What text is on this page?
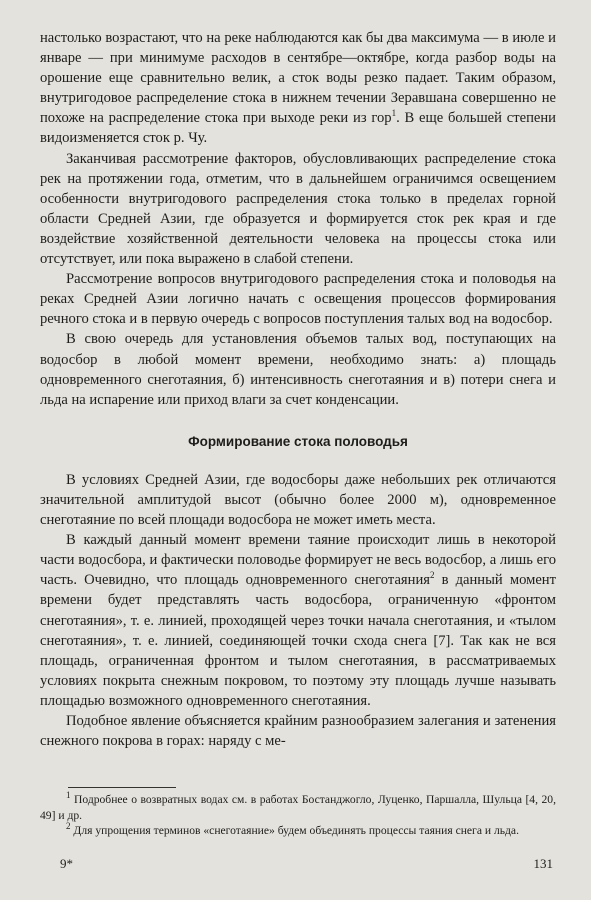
настолько возрастают, что на реке наблюдаются как бы два максимума — в июле и январе — при минимуме расходов в сентябре—октябре, когда разбор воды на орошение еще сравнительно велик, а сток воды резко падает. Таким образом, внутригодовое распределение стока в нижнем течении Зеравшана совершенно не похоже на распределение стока при выходе реки из гор$^1$. В еще большей степени видоизменяется сток р. Чу.

Заканчивая рассмотрение факторов, обусловливающих распределение стока рек на протяжении года, отметим, что в дальнейшем ограничимся освещением особенности внутригодового распределения стока только в пределах горной области Средней Азии, где образуется и формируется сток рек края и где воздействие хозяйственной деятельности человека на процессы стока или отсутствует, или пока выражено в слабой степени.

Рассмотрение вопросов внутригодового распределения стока и половодья на реках Средней Азии логично начать с освещения процессов формирования речного стока и в первую очередь с вопросов поступления талых вод на водосбор.

В свою очередь для установления объемов талых вод, поступающих на водосбор в любой момент времени, необходимо знать: а) площадь одновременного снеготаяния, б) интенсивность снеготаяния и в) потери снега и льда на испарение или приход влаги за счет конденсации.

Формирование стока половодья

В условиях Средней Азии, где водосборы даже небольших рек отличаются значительной амплитудой высот (обычно более 2000 м), одновременное снеготаяние по всей площади водосбора не может иметь места.

В каждый данный момент времени таяние происходит лишь в некоторой части водосбора, и фактически половодье формирует не весь водосбор, а лишь его часть. Очевидно, что площадь одновременного снеготаяния$^2$ в данный момент времени будет представлять часть водосбора, ограниченную «фронтом снеготаяния», т. е. линией, проходящей через точки начала снеготаяния, и «тылом снеготаяния», т. е. линией, соединяющей точки схода снега [7]. Так как не вся площадь, ограниченная фронтом и тылом снеготаяния, в рассматриваемых условиях покрыта снежным покровом, то поэтому эту площадь лучше называть площадью возможного одновременного снеготаяния.

Подобное явление объясняется крайним разнообразием залегания и затенения снежного покрова в горах: наряду с ме-

$^1$ Подробнее о возвратных водах см. в работах Бостанджогло, Луценко, Паршалла, Шульца [4, 20, 49] и др.

$^2$ Для упрощения терминов «снеготаяние» будем объединять процессы таяния снега и льда.

9*	131
